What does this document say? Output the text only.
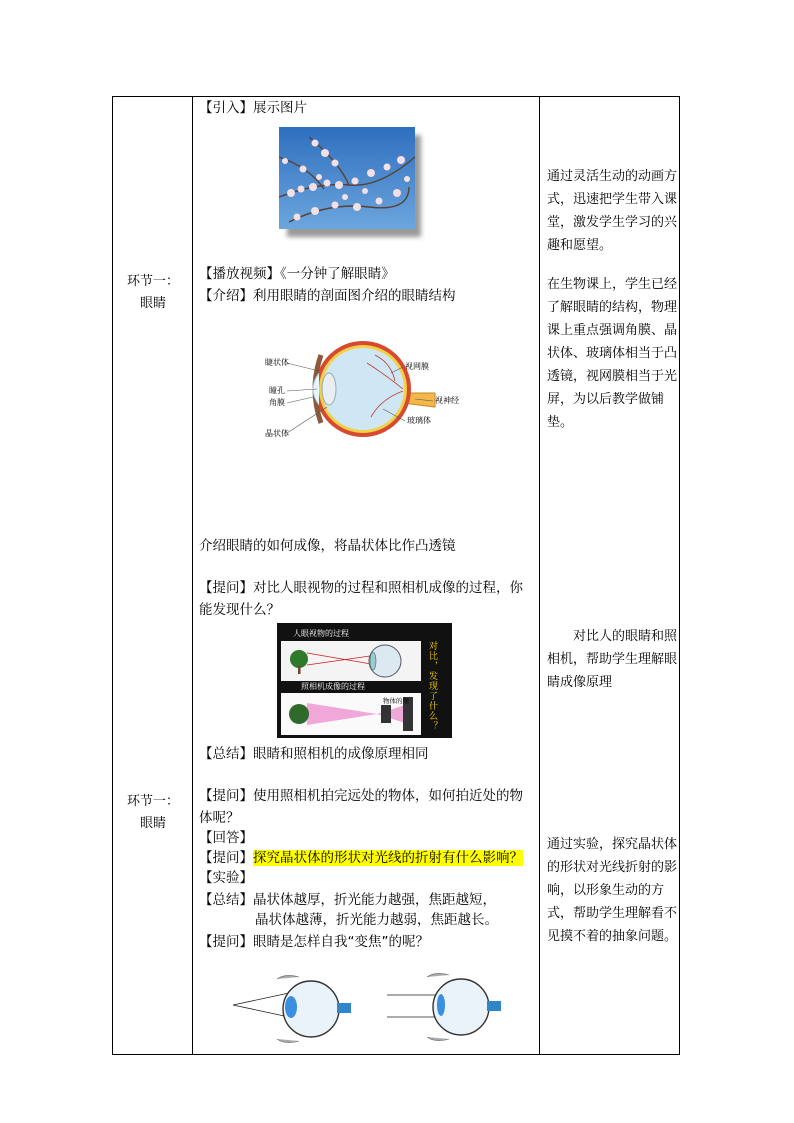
环节一：
眼睛
环节一：
眼睛
【引入】展示图片
【播放视频】《一分钟了解眼睛》
【介绍】利用眼睛的剖面图介绍的眼睛结构
睫状体
瞳孔
角膜
晶状体
视网膜
视神经
玻璃体
介绍眼睛的如何成像，将晶状体比作凸透镜
【提问】对比人眼视物的过程和照相机成像的过程，你
能发现什么？
人眼视物的过程
照相机成像的过程
物体的像 对比，发现了什么？
【总结】眼睛和照相机的成像原理相同
【提问】使用照相机拍完远处的物体，如何拍近处的物
体呢？
【回答】
【提问】探究晶状体的形状对光线的折射有什么影响？
【实验】
【总结】晶状体越厚，折光能力越强，焦距越短，
晶状体越薄，折光能力越弱，焦距越长。
【提问】眼睛是怎样自我“变焦”的呢？

通过灵活生动的动画方式，迅速把学生带入课堂，激发学生学习的兴趣和愿望。

在生物课上，学生已经了解眼睛的结构，物理课上重点强调角膜、晶状体、玻璃体相当于凸透镜，视网膜相当于光屏，为以后教学做铺垫。

　　对比人的眼睛和照相机，帮助学生理解眼睛成像原理

通过实验，探究晶状体的形状对光线折射的影响，以形象生动的方式，帮助学生理解看不见摸不着的抽象问题。
